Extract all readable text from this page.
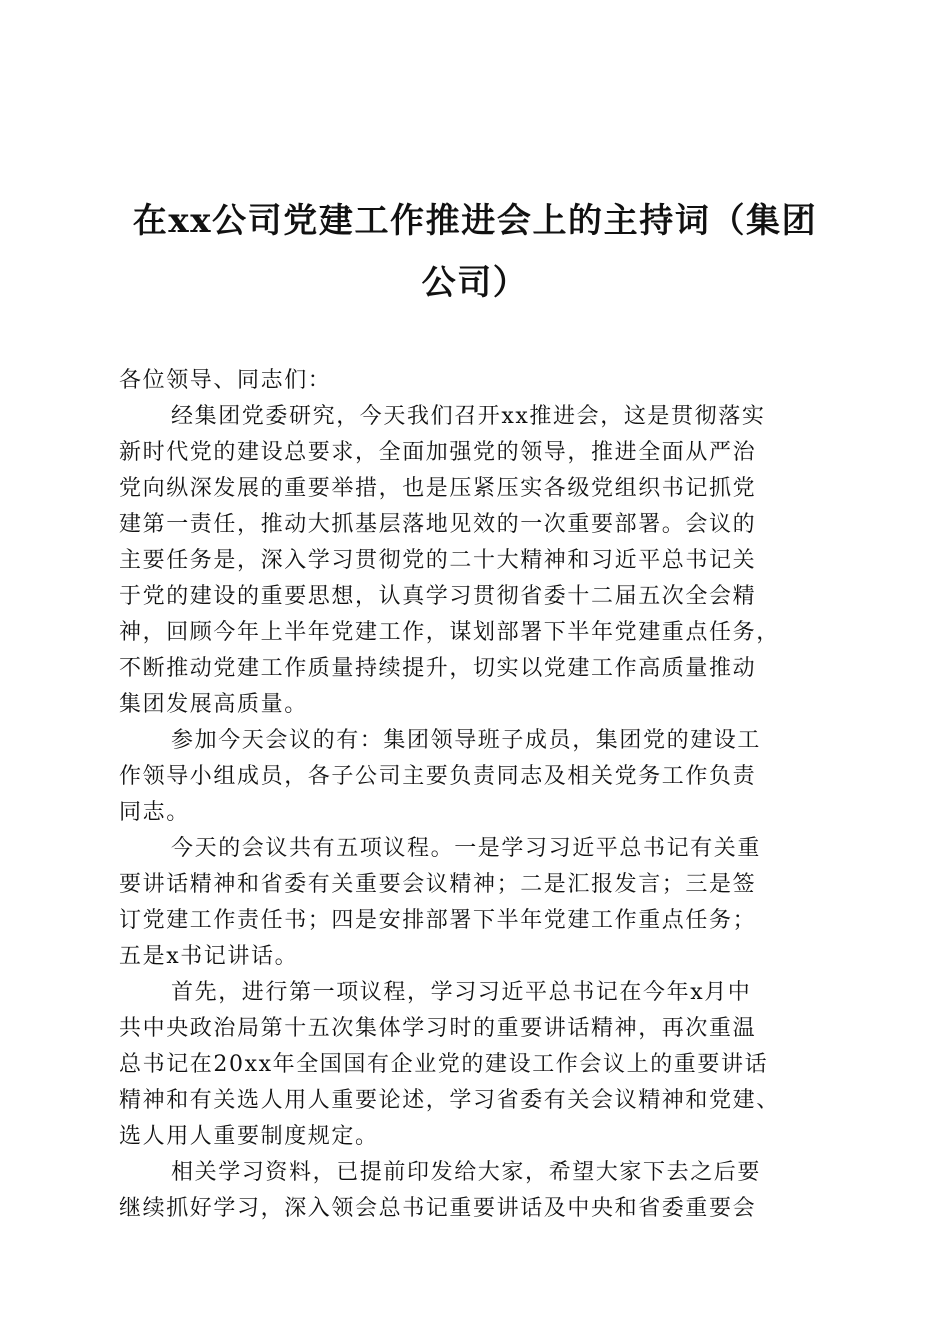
在xx公司党建工作推进会上的主持词（集团
公司）
各位领导、同志们：
经集团党委研究，今天我们召开xx推进会，这是贯彻落实
新时代党的建设总要求，全面加强党的领导，推进全面从严治
党向纵深发展的重要举措，也是压紧压实各级党组织书记抓党
建第一责任，推动大抓基层落地见效的一次重要部署。会议的
主要任务是，深入学习贯彻党的二十大精神和习近平总书记关
于党的建设的重要思想，认真学习贯彻省委十二届五次全会精
神，回顾今年上半年党建工作，谋划部署下半年党建重点任务，
不断推动党建工作质量持续提升，切实以党建工作高质量推动
集团发展高质量。
参加今天会议的有：集团领导班子成员，集团党的建设工
作领导小组成员，各子公司主要负责同志及相关党务工作负责
同志。
今天的会议共有五项议程。一是学习习近平总书记有关重
要讲话精神和省委有关重要会议精神；二是汇报发言；三是签
订党建工作责任书；四是安排部署下半年党建工作重点任务；
五是x书记讲话。
首先，进行第一项议程，学习习近平总书记在今年x月中
共中央政治局第十五次集体学习时的重要讲话精神，再次重温
总书记在20xx年全国国有企业党的建设工作会议上的重要讲话
精神和有关选人用人重要论述，学习省委有关会议精神和党建、
选人用人重要制度规定。
相关学习资料，已提前印发给大家，希望大家下去之后要
继续抓好学习，深入领会总书记重要讲话及中央和省委重要会
